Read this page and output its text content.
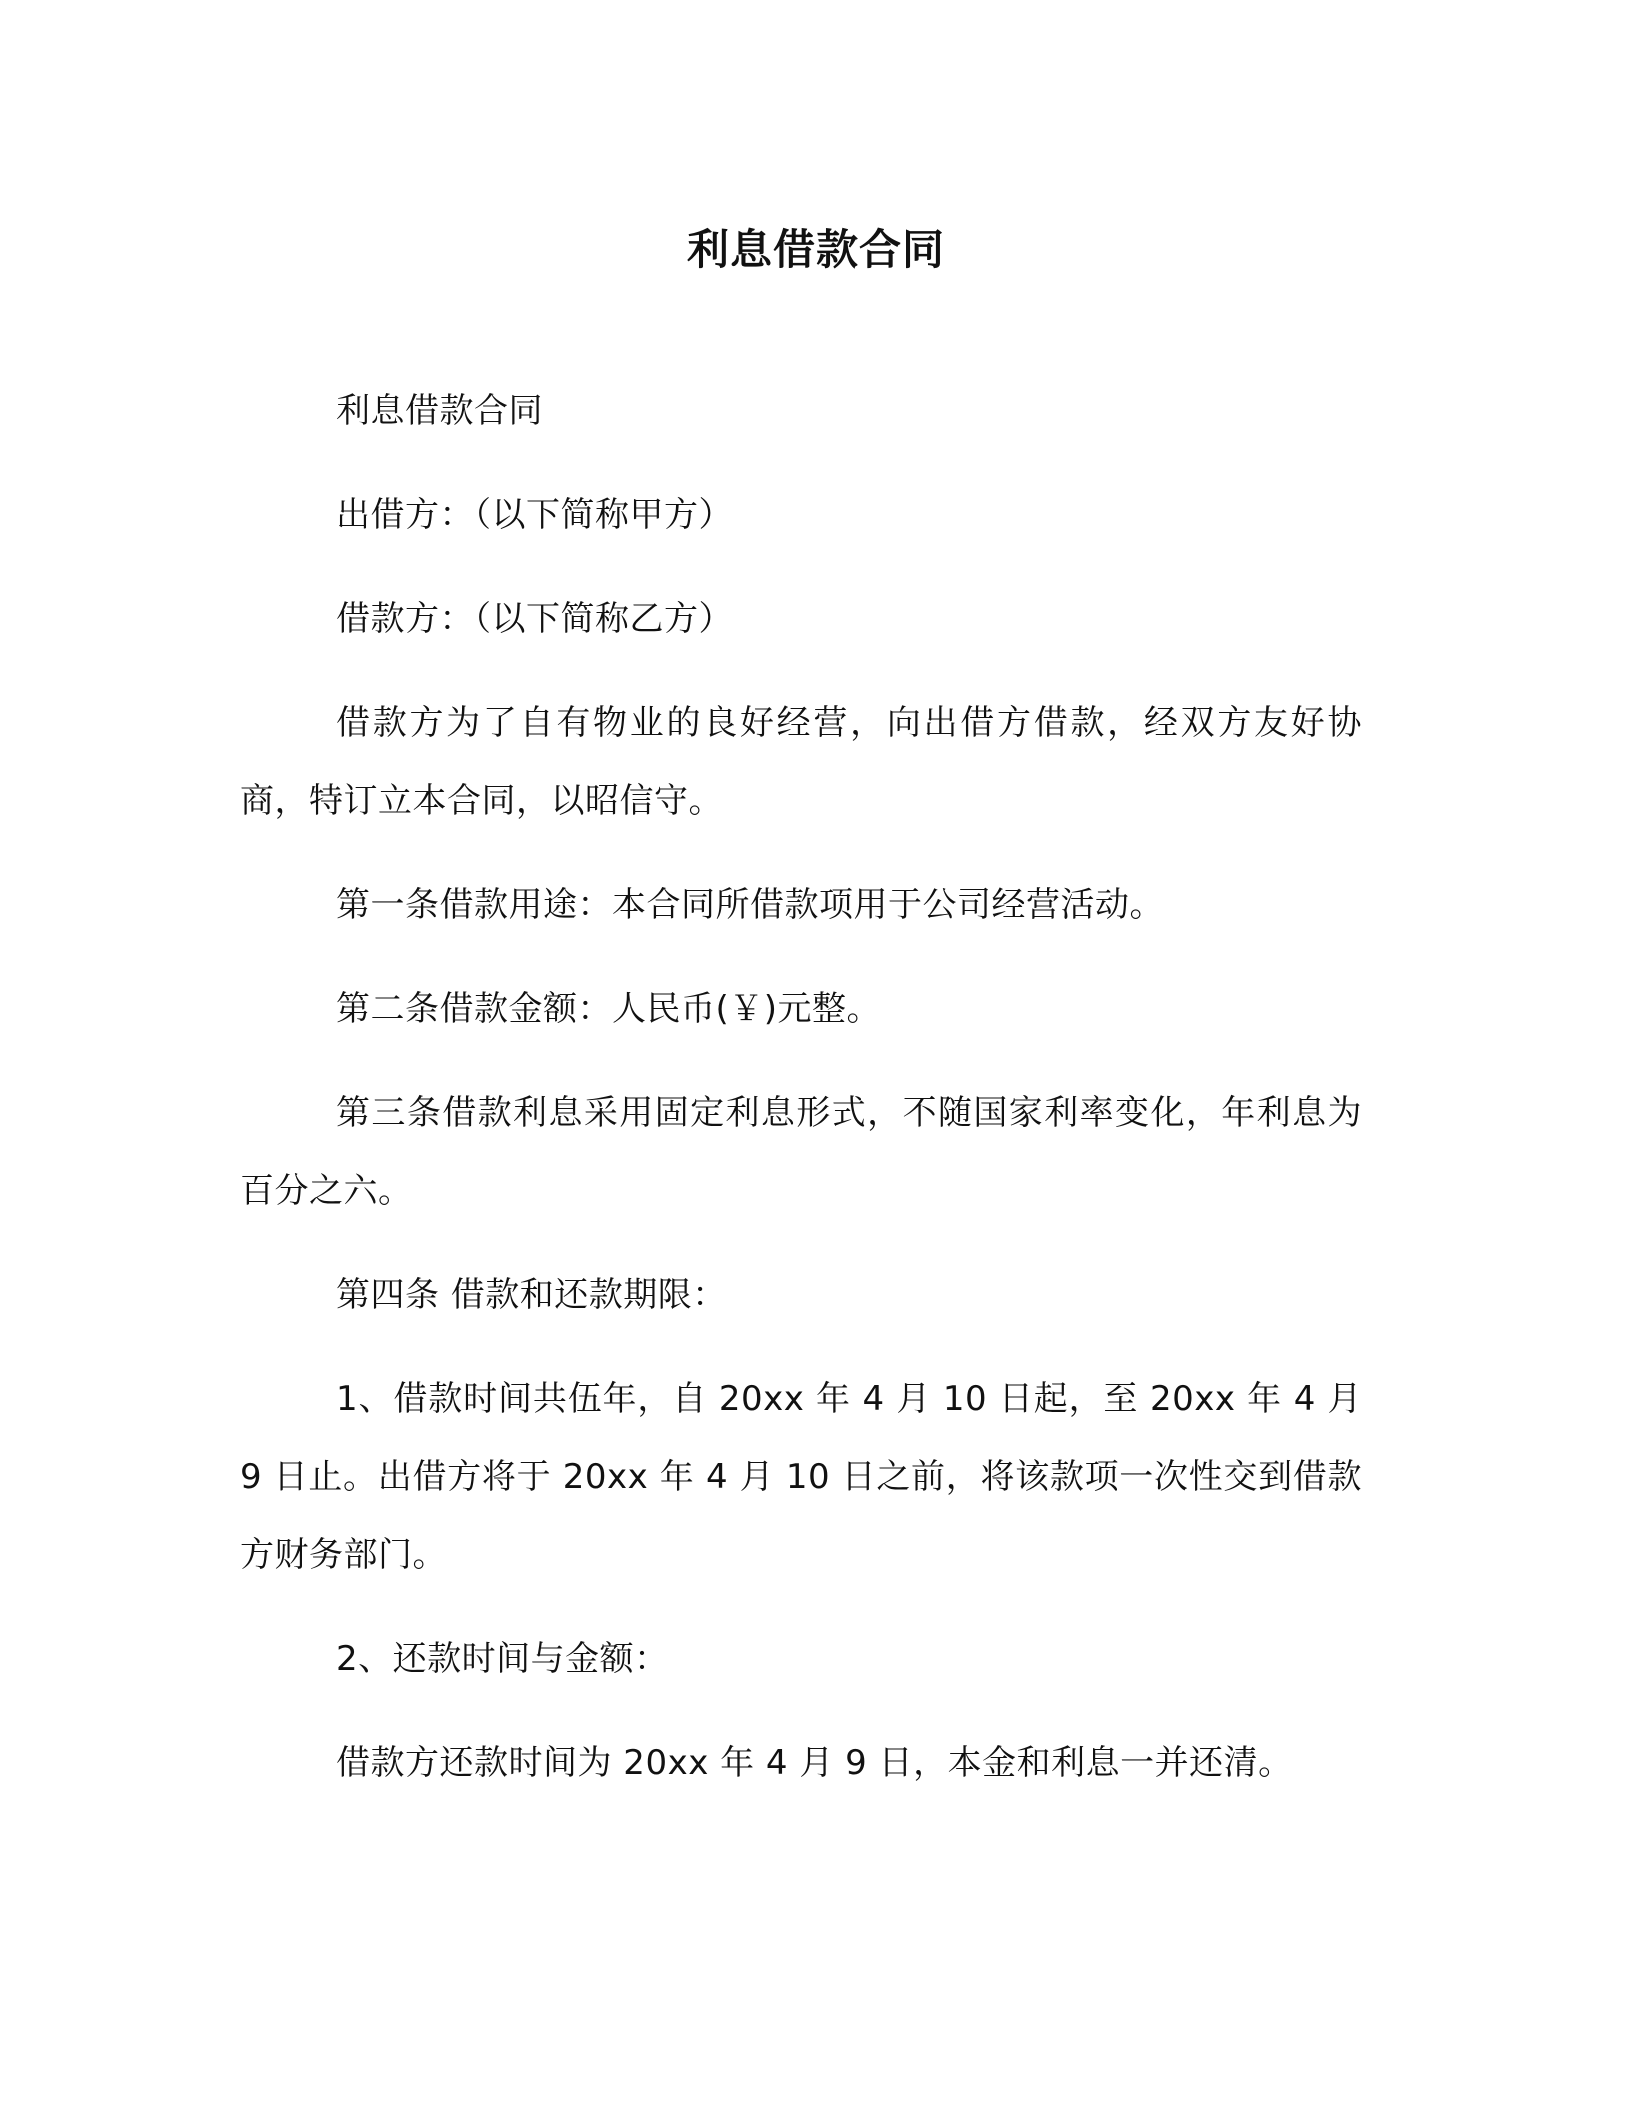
利息借款合同

利息借款合同

出借方：（以下简称甲方）

借款方：（以下简称乙方）

借款方为了自有物业的良好经营，向出借方借款，经双方友好协商，特订立本合同，以昭信守。

第一条借款用途：本合同所借款项用于公司经营活动。

第二条借款金额：人民币(￥)元整。

第三条借款利息采用固定利息形式，不随国家利率变化，年利息为百分之六。

第四条 借款和还款期限：

1、借款时间共伍年，自 20xx 年 4 月 10 日起，至 20xx 年 4 月 9 日止。出借方将于 20xx 年 4 月 10 日之前，将该款项一次性交到借款方财务部门。

2、还款时间与金额：

借款方还款时间为 20xx 年 4 月 9 日，本金和利息一并还清。
